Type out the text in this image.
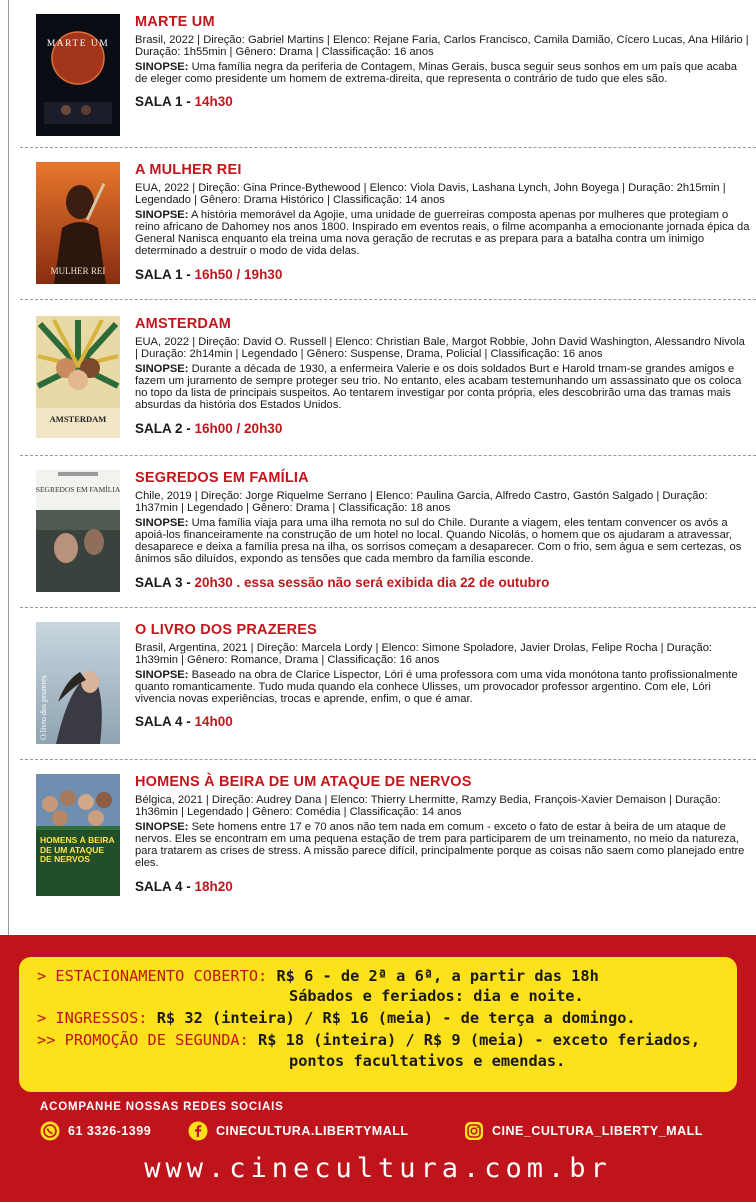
MARTE UM
MARTE UM
Brasil, 2022 | Direção: Gabriel Martins | Elenco: Rejane Faria, Carlos Francisco, Camila Damião, Cícero Lucas, Ana Hilário | Duração: 1h55min | Gênero: Drama | Classificação: 16 anos
SINOPSE: Uma família negra da periferia de Contagem, Minas Gerais, busca seguir seus sonhos em um país que acaba de eleger como presidente um homem de extrema-direita, que representa o contrário de tudo que eles são.
SALA 1 - 14h30
MULHER REI
A MULHER REI
EUA, 2022 | Direção: Gina Prince-Bythewood | Elenco: Viola Davis, Lashana Lynch, John Boyega | Duração: 2h15min | Legendado | Gênero: Drama Histórico | Classificação: 14 anos
SINOPSE: A história memorável da Agojie, uma unidade de guerreiras composta apenas por mulheres que protegiam o reino africano de Dahomey nos anos 1800. Inspirado em eventos reais, o filme acompanha a emocionante jornada épica da General Nanisca enquanto ela treina uma nova geração de recrutas e as prepara para a batalha contra um inimigo determinado a destruir o modo de vida delas.
SALA 1 - 16h50 / 19h30
AMSTERDAM
AMSTERDAM
EUA, 2022 | Direção: David O. Russell | Elenco: Christian Bale, Margot Robbie, John David Washington, Alessandro Nivola | Duração: 2h14min | Legendado | Gênero: Suspense, Drama, Policial | Classificação: 16 anos
SINOPSE: Durante a década de 1930, a enfermeira Valerie e os dois soldados Burt e Harold trnam-se grandes amigos e fazem um juramento de sempre proteger seu trio. No entanto, eles acabam testemunhando um assassinato que os coloca no topo da lista de principais suspeitos. Ao tentarem investigar por conta própria, eles descobrirão uma das tramas mais absurdas da história dos Estados Unidos.
SALA 2 - 16h00 / 20h30
SEGREDOS EM FAMÍLIA
SEGREDOS EM FAMÍLIA
Chile, 2019 | Direção: Jorge Riquelme Serrano | Elenco: Paulina Garcia, Alfredo Castro, Gastón Salgado | Duração: 1h37min | Legendado | Gênero: Drama | Classificação: 18 anos
SINOPSE: Uma família viaja para uma ilha remota no sul do Chile. Durante a viagem, eles tentam convencer os avós a apoiá-los financeiramente na construção de um hotel no local. Quando Nicolás, o homem que os ajudaram a atravessar, desaparece e deixa a família presa na ilha, os sorrisos começam a desaparecer. Com o frio, sem água e sem certezas, os ânimos são diluídos, expondo as tensões que cada membro da família esconde.
SALA 3 - 20h30 . essa sessão não será exibida dia 22 de outubro
O livro dos prazeres
O LIVRO DOS PRAZERES
Brasil, Argentina, 2021 | Direção: Marcela Lordy | Elenco: Simone Spoladore, Javier Drolas, Felipe Rocha | Duração: 1h39min | Gênero: Romance, Drama | Classificação: 16 anos
SINOPSE: Baseado na obra de Clarice Lispector, Lóri é uma professora com uma vida monótona tanto profissionalmente quanto romanticamente. Tudo muda quando ela conhece Ulisses, um provocador professor argentino. Com ele, Lóri vivencia novas experiências, trocas e aprende, enfim, o que é amar.
SALA 4 - 14h00
HOMENS À BEIRA DE UM ATAQUE DE NERVOS
HOMENS À BEIRA DE UM ATAQUE DE NERVOS
Bélgica, 2021 | Direção: Audrey Dana | Elenco: Thierry Lhermitte, Ramzy Bedia, François-Xavier Demaison | Duração: 1h36min | Legendado | Gênero: Comédia | Classificação: 14 anos
SINOPSE: Sete homens entre 17 e 70 anos não tem nada em comum - exceto o fato de estar à beira de um ataque de nervos. Eles se encontram em uma pequena estação de trem para participarem de um treinamento, no meio da natureza, para tratarem as crises de stress. A missão parece difícil, principalmente porque as coisas não saem como planejado entre eles.
SALA 4 - 18h20
> ESTACIONAMENTO COBERTO: R$ 6 - de 2ª a 6ª, a partir das 18h
Sábados e feriados: dia e noite.
> INGRESSOS: R$ 32 (inteira) / R$ 16 (meia) - de terça a domingo.
>> PROMOÇÃO DE SEGUNDA: R$ 18 (inteira) / R$ 9 (meia) - exceto feriados,
pontos facultativos e emendas.
ACOMPANHE NOSSAS REDES SOCIAIS
61 3326-1399	CINECULTURA.LIBERTYMALL	CINE_CULTURA_LIBERTY_MALL
www.cinecultura.com.br
